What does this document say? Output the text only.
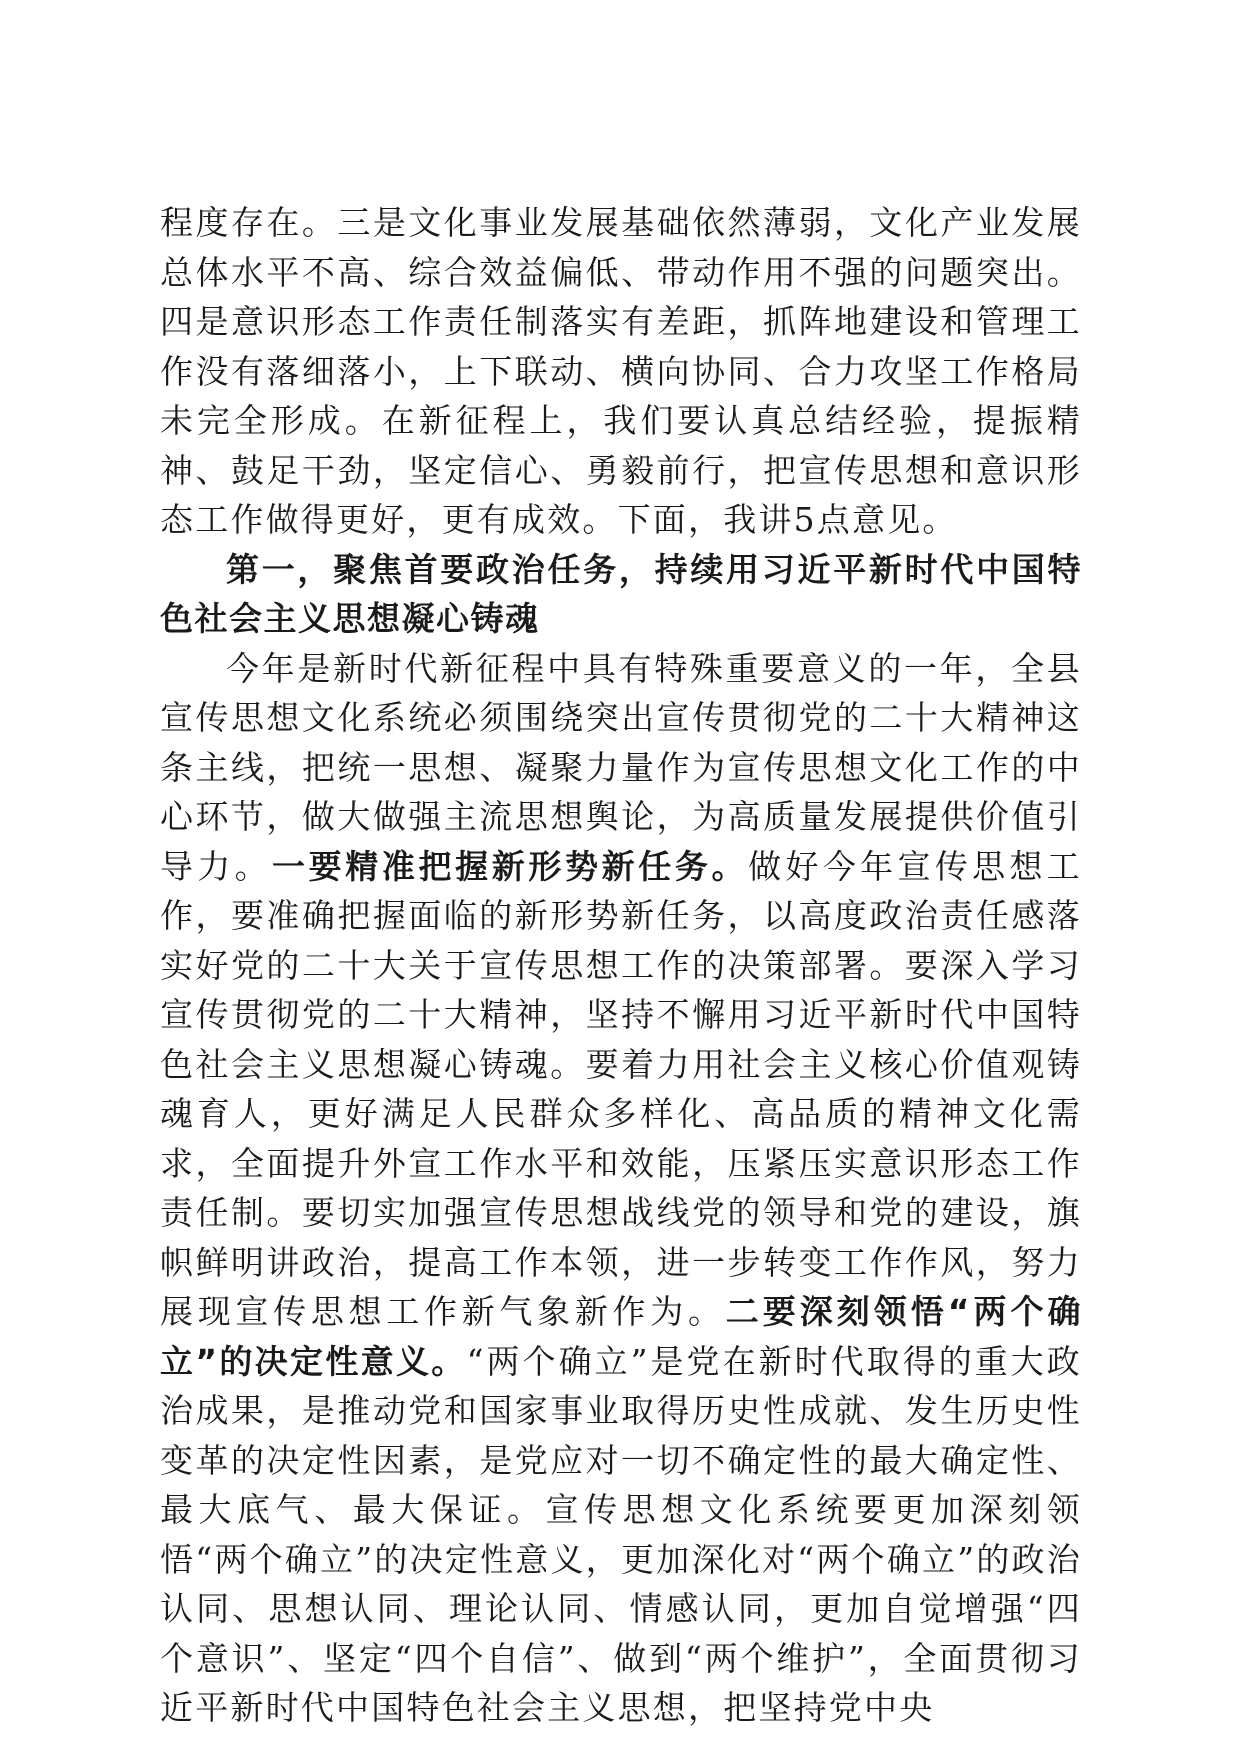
程度存在。三是文化事业发展基础依然薄弱，文化产业发展总体水平不高、综合效益偏低、带动作用不强的问题突出。四是意识形态工作责任制落实有差距，抓阵地建设和管理工作没有落细落小，上下联动、横向协同、合力攻坚工作格局未完全形成。在新征程上，我们要认真总结经验，提振精神、鼓足干劲，坚定信心、勇毅前行，把宣传思想和意识形态工作做得更好，更有成效。下面，我讲5点意见。

第一，聚焦首要政治任务，持续用习近平新时代中国特色社会主义思想凝心铸魂

今年是新时代新征程中具有特殊重要意义的一年，全县宣传思想文化系统必须围绕突出宣传贯彻党的二十大精神这条主线，把统一思想、凝聚力量作为宣传思想文化工作的中心环节，做大做强主流思想舆论，为高质量发展提供价值引导力。一要精准把握新形势新任务。做好今年宣传思想工作，要准确把握面临的新形势新任务，以高度政治责任感落实好党的二十大关于宣传思想工作的决策部署。要深入学习宣传贯彻党的二十大精神，坚持不懈用习近平新时代中国特色社会主义思想凝心铸魂。要着力用社会主义核心价值观铸魂育人，更好满足人民群众多样化、高品质的精神文化需求，全面提升外宣工作水平和效能，压紧压实意识形态工作责任制。要切实加强宣传思想战线党的领导和党的建设，旗帜鲜明讲政治，提高工作本领，进一步转变工作作风，努力展现宣传思想工作新气象新作为。二要深刻领悟“两个确立”的决定性意义。“两个确立”是党在新时代取得的重大政治成果，是推动党和国家事业取得历史性成就、发生历史性变革的决定性因素，是党应对一切不确定性的最大确定性、最大底气、最大保证。宣传思想文化系统要更加深刻领悟“两个确立”的决定性意义，更加深化对“两个确立”的政治认同、思想认同、理论认同、情感认同，更加自觉增强“四个意识”、坚定“四个自信”、做到“两个维护”，全面贯彻习近平新时代中国特色社会主义思想，把坚持党中央
